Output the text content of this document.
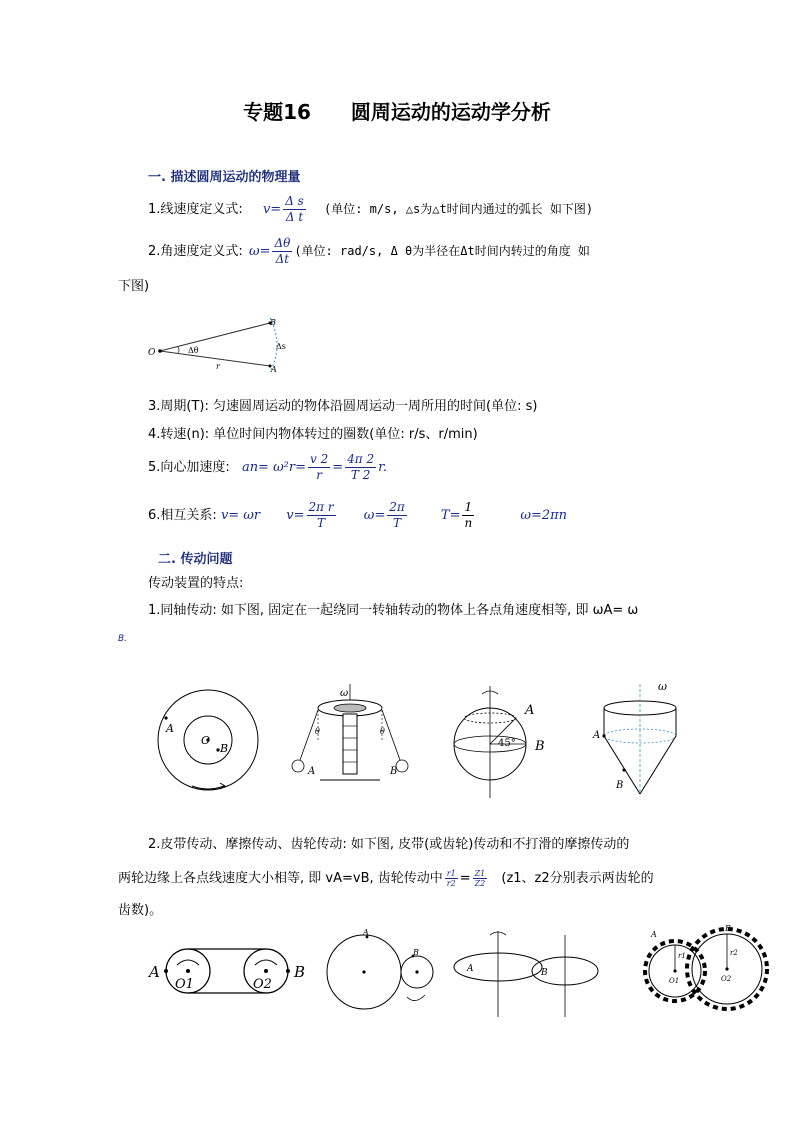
专题16 圆周运动的运动学分析
一. 描述圆周运动的物理量
1.线速度定义式: $v= \frac{\text{Δ s}}{\text{Δ t}}$ (单位: m/s, △s为△t时间内通过的弧长 如下图)
2.角速度定义式: $\omega= \frac{\Delta\theta}{\Delta t}$ (单位: rad/s, Δ θ为半径在Δt时间内转过的角度 如
下图)
O
B
A
Δθ
r
Δs
3.周期(T): 匀速圆周运动的物体沿圆周运动一周所用的时间(单位: s)
4.转速(n): 单位时间内物体转过的圈数(单位: r/s、r/min)
5.向心加速度: $an= \omega^2r= \frac{v 2}{r} = \frac{4\pi 2}{T 2} r$.
6.相互关系: v= ωr $v= \frac{\text{2π r}}{T} \omega= \frac{2\pi}{T}$	$T= \frac{1}{n}$	ω=2πn
二. 传动问题
传动装置的特点:
1.同轴传动: 如下图, 固定在一起绕同一转轴转动的物体上各点角速度相等, 即 ωA= ω
B.
A
O
B
ω
A	B
θ	θ
A
B
45°
A
B
ω
2.皮带传动、摩擦传动、齿轮传动: 如下图, 皮带(或齿轮)传动和不打滑的摩擦传动的
两轮边缘上各点线速度大小相等, 即 vA=vB, 齿轮传动中 $\frac{r1}{r2} = \frac{Z1}{Z2} (z1$、z2分别表示两齿轮的
齿数)。
A	B
O1	O2
A
B
A	B
A
B
r1	r2
O1	O2
